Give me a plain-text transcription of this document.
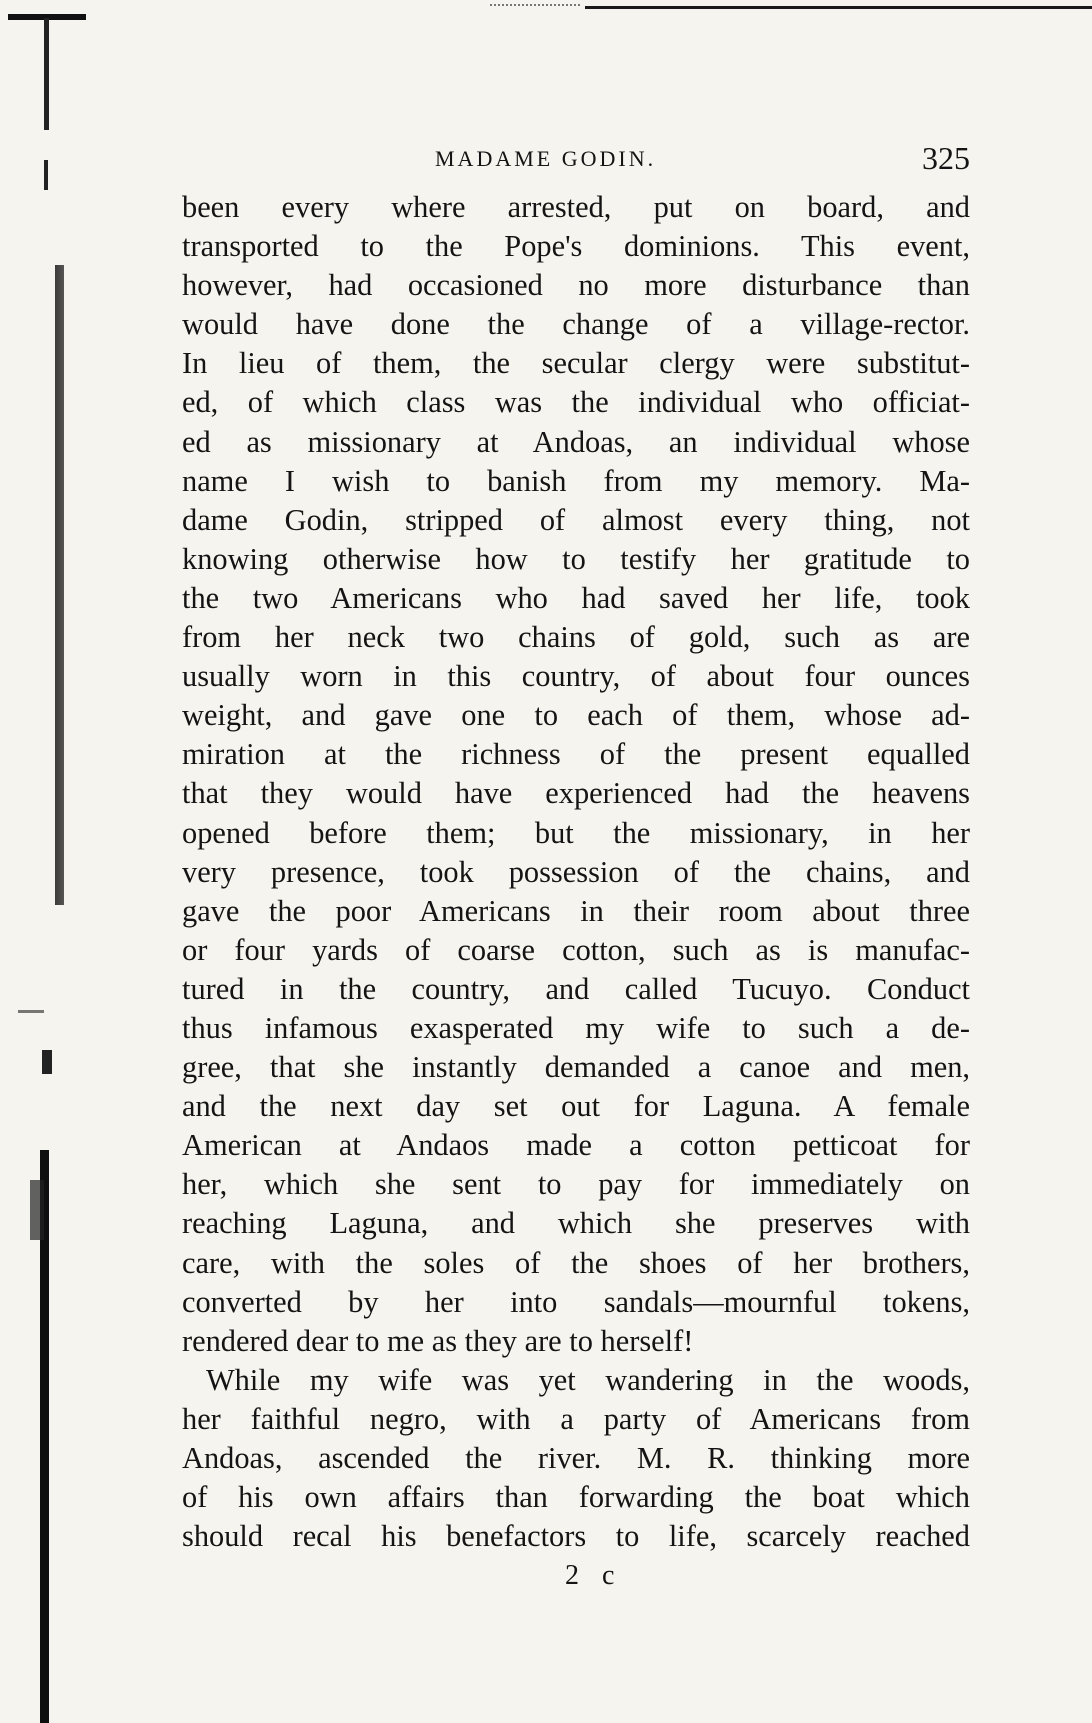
MADAME GODIN.	325
been every where arrested, put on board, and
transported to the Pope's dominions. This event,
however, had occasioned no more disturbance than
would have done the change of a village-rector.
In lieu of them, the secular clergy were substitut-
ed, of which class was the individual who officiat-
ed as missionary at Andoas, an individual whose
name I wish to banish from my memory. Ma-
dame Godin, stripped of almost every thing, not
knowing otherwise how to testify her gratitude to
the two Americans who had saved her life, took
from her neck two chains of gold, such as are
usually worn in this country, of about four ounces
weight, and gave one to each of them, whose ad-
miration at the richness of the present equalled
that they would have experienced had the heavens
opened before them; but the missionary, in her
very presence, took possession of the chains, and
gave the poor Americans in their room about three
or four yards of coarse cotton, such as is manufac-
tured in the country, and called Tucuyo. Conduct
thus infamous exasperated my wife to such a de-
gree, that she instantly demanded a canoe and men,
and the next day set out for Laguna. A female
American at Andaos made a cotton petticoat for
her, which she sent to pay for immediately on
reaching Laguna, and which she preserves with
care, with the soles of the shoes of her brothers,
converted by her into sandals—mournful tokens,
rendered dear to me as they are to herself!
While my wife was yet wandering in the woods,
her faithful negro, with a party of Americans from
Andoas, ascended the river. M. R. thinking more
of his own affairs than forwarding the boat which
should recal his benefactors to life, scarcely reached
2 c
